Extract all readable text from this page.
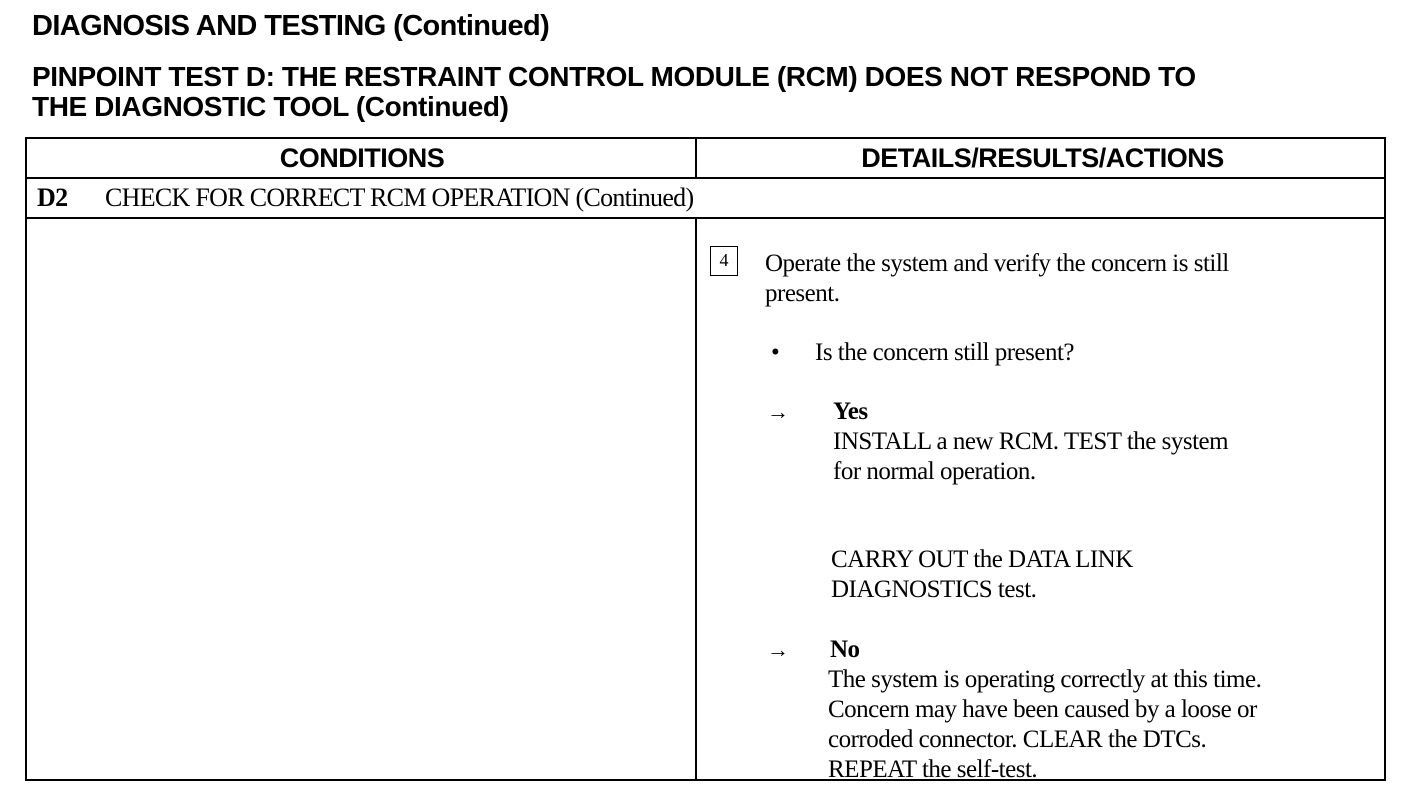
DIAGNOSIS AND TESTING (Continued)
PINPOINT TEST D: THE RESTRAINT CONTROL MODULE (RCM) DOES NOT RESPOND TO
THE DIAGNOSTIC TOOL (Continued)
CONDITIONS	DETAILS/RESULTS/ACTIONS
D2 CHECK FOR CORRECT RCM OPERATION (Continued)
4	Operate the system and verify the concern is still
present.
• Is the concern still present?
→ Yes
INSTALL a new RCM. TEST the system
for normal operation.
CARRY OUT the DATA LINK
DIAGNOSTICS test.
→ No
The system is operating correctly at this time.
Concern may have been caused by a loose or
corroded connector. CLEAR the DTCs.
REPEAT the self-test.
